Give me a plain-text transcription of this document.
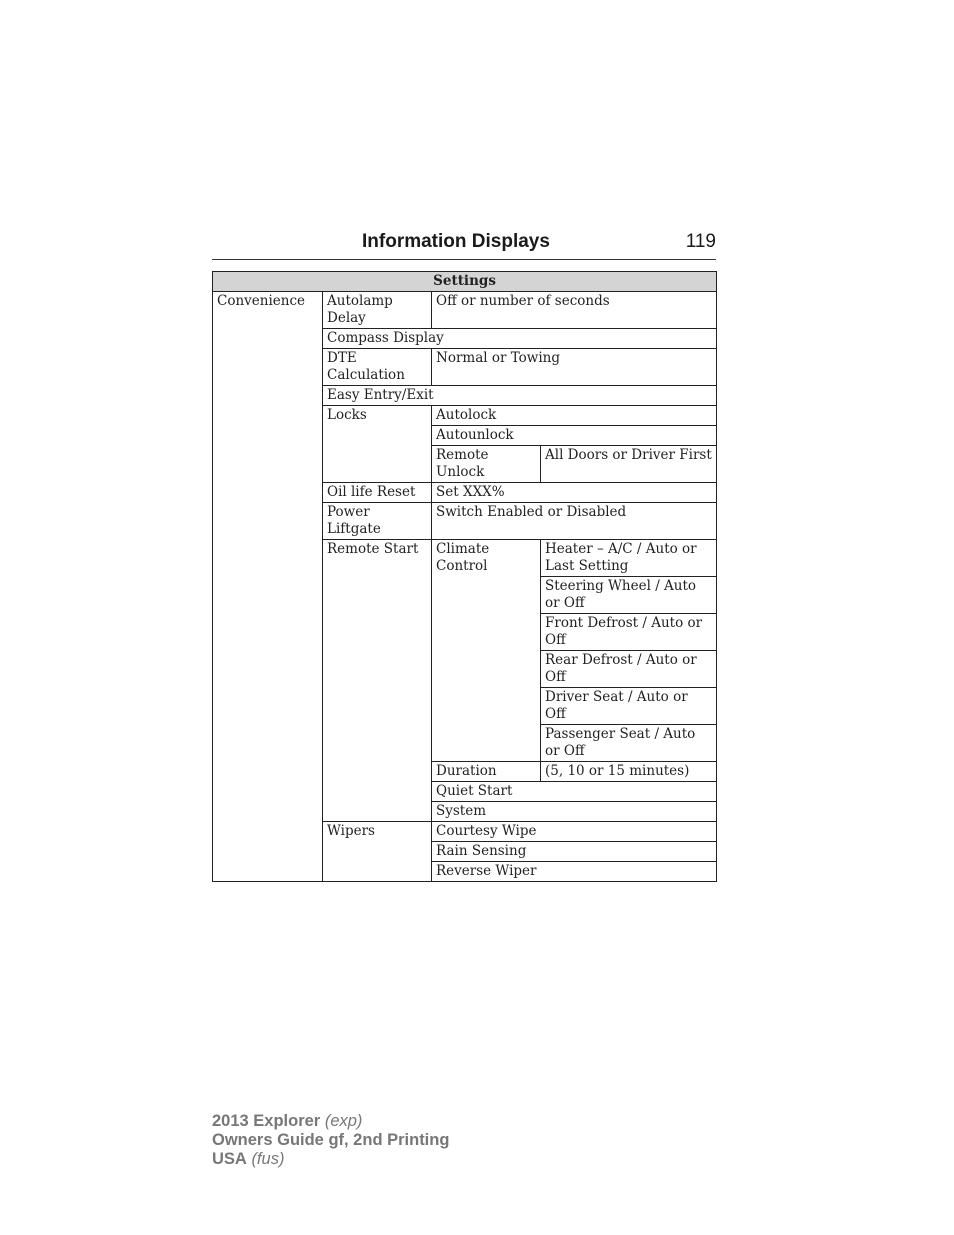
Information Displays	119
Settings			
Convenience	Autolamp Delay	Off or number of seconds	
	Compass Display		
	DTE Calculation	Normal or Towing	
	Easy Entry/Exit		
	Locks	Autolock	
		Autounlock	
		Remote Unlock	All Doors or Driver First
	Oil life Reset	Set XXX%	
	Power Liftgate	Switch Enabled or Disabled	
	Remote Start	Climate Control	Heater – A/C / Auto or Last Setting
			Steering Wheel / Auto or Off
			Front Defrost / Auto or Off
			Rear Defrost / Auto or Off
			Driver Seat / Auto or Off
			Passenger Seat / Auto or Off
		Duration	(5, 10 or 15 minutes)
		Quiet Start	
		System	
	Wipers	Courtesy Wipe	
		Rain Sensing	
		Reverse Wiper	
2013 Explorer (exp)
Owners Guide gf, 2nd Printing
USA (fus)
